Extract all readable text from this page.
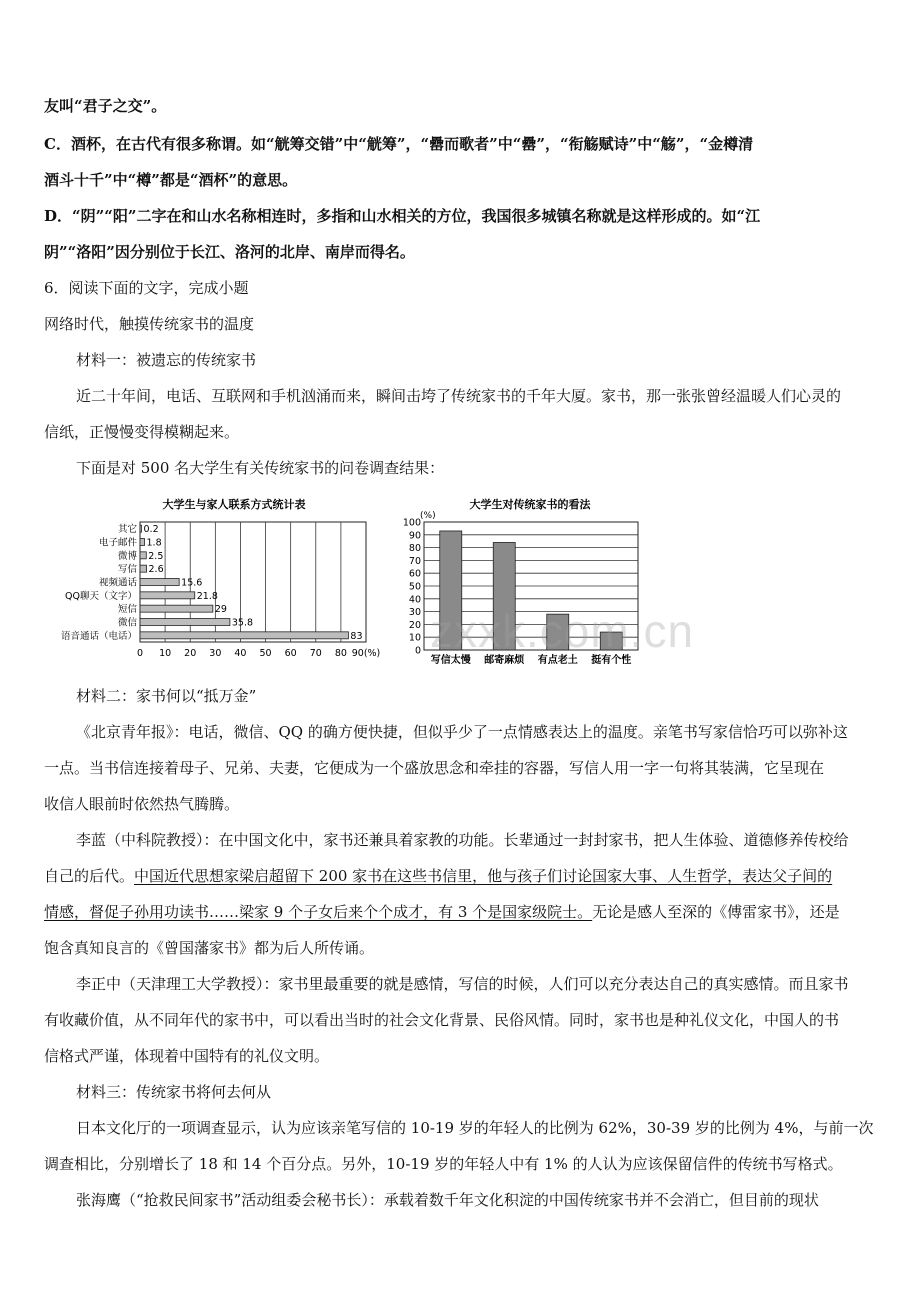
友叫“君子之交”。
C．酒杯，在古代有很多称谓。如“觥筹交错”中“觥筹”，“罍而歌者”中“罍”，“衔觞赋诗”中“觞”，“金樽清
酒斗十千”中“樽”都是“酒杯”的意思。
D．“阴”“阳”二字在和山水名称相连时，多指和山水相关的方位，我国很多城镇名称就是这样形成的。如“江
阴”“洛阳”因分别位于长江、洛河的北岸、南岸而得名。
6．阅读下面的文字，完成小题
网络时代，触摸传统家书的温度
材料一：被遗忘的传统家书
近二十年间，电话、互联网和手机汹涌而来，瞬间击垮了传统家书的千年大厦。家书，那一张张曾经温暖人们心灵的
信纸，正慢慢变得模糊起来。
下面是对 500 名大学生有关传统家书的问卷调查结果：
大学生与家人联系方式统计表
其它
电子邮件
微博
写信
视频通话
QQ聊天（文字）
短信
微信
语音通话（电话）
0.2
1.8
2.5
2.6
15.6
21.8
29
35.8
83
0 10 20 30 40 50 60 70 80 90(%)
大学生对传统家书的看法
(%)
写信太慢 邮寄麻烦 有点老土 挺有个性
0
10
20
30
40
50
60
70
80
90
100
zxxk.com.cn
材料二：家书何以“抵万金”
《北京青年报》：电话，微信、QQ 的确方便快捷，但似乎少了一点情感表达上的温度。亲笔书写家信恰巧可以弥补这
一点。当书信连接着母子、兄弟、夫妻，它便成为一个盛放思念和牵挂的容器，写信人用一字一句将其装满，它呈现在
收信人眼前时依然热气腾腾。
李蓝（中科院教授）：在中国文化中，家书还兼具着家教的功能。长辈通过一封封家书，把人生体验、道德修养传校给
自己的后代。中国近代思想家梁启超留下 200 家书在这些书信里，他与孩子们讨论国家大事、人生哲学，表达父子间的
情感，督促子孙用功读书……梁家 9 个子女后来个个成才，有 3 个是国家级院士。无论是感人至深的《傅雷家书》，还是
饱含真知良言的《曾国藩家书》都为后人所传诵。
李正中（天津理工大学教授）：家书里最重要的就是感情，写信的时候，人们可以充分表达自己的真实感情。而且家书
有收藏价值，从不同年代的家书中，可以看出当时的社会文化背景、民俗风情。同时，家书也是种礼仪文化，中国人的书
信格式严谨，体现着中国特有的礼仪文明。
材料三：传统家书将何去何从
日本文化厅的一项调查显示，认为应该亲笔写信的 10-19 岁的年轻人的比例为 62%，30-39 岁的比例为 4%，与前一次
调查相比，分别增长了 18 和 14 个百分点。另外，10-19 岁的年轻人中有 1% 的人认为应该保留信件的传统书写格式。
张海鹰（“抢救民间家书”活动组委会秘书长）：承载着数千年文化积淀的中国传统家书并不会消亡，但目前的现状
